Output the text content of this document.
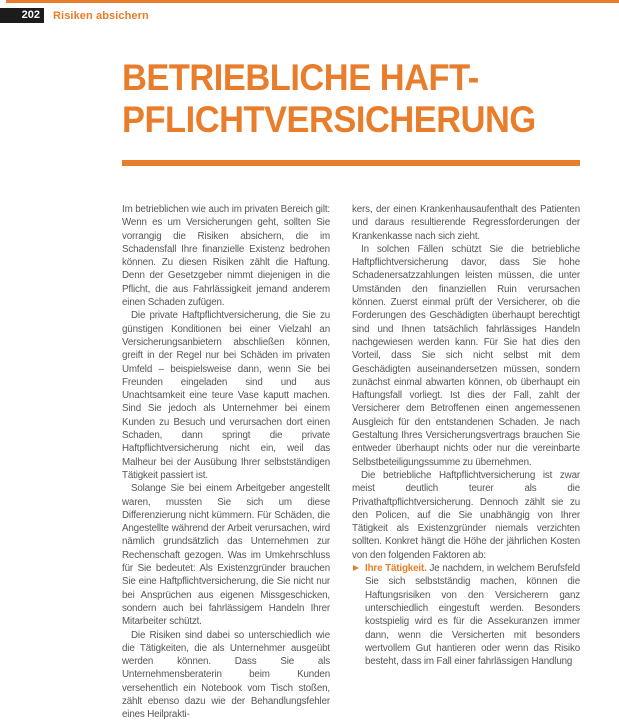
202	Risiken absichern
BETRIEBLICHE HAFT-
PFLICHTVERSICHERUNG

Im betrieblichen wie auch im privaten Bereich gilt: Wenn es um Versicherungen geht, sollten Sie vorrangig die Risiken absichern, die im Schadensfall Ihre finanzielle Existenz bedrohen können. Zu diesen Risiken zählt die Haftung. Denn der Gesetzgeber nimmt diejenigen in die Pflicht, die aus Fahrlässigkeit jemand anderem einen Schaden zufügen.

Die private Haftpflichtversicherung, die Sie zu günstigen Konditionen bei einer Vielzahl an Versicherungsanbietern abschließen können, greift in der Regel nur bei Schäden im privaten Umfeld – beispielsweise dann, wenn Sie bei Freunden eingeladen sind und aus Unachtsamkeit eine teure Vase kaputt machen. Sind Sie jedoch als Unternehmer bei einem Kunden zu Besuch und verursachen dort einen Schaden, dann springt die private Haftpflichtversicherung nicht ein, weil das Malheur bei der Ausübung Ihrer selbstständigen Tätigkeit passiert ist.

Solange Sie bei einem Arbeitgeber angestellt waren, mussten Sie sich um diese Differenzierung nicht kümmern. Für Schäden, die Angestellte während der Arbeit verursachen, wird nämlich grundsätzlich das Unternehmen zur Rechenschaft gezogen. Was im Umkehrschluss für Sie bedeutet: Als Existenzgründer brauchen Sie eine Haftpflichtversicherung, die Sie nicht nur bei Ansprüchen aus eigenen Missgeschicken, sondern auch bei fahrlässigem Handeln Ihrer Mitarbeiter schützt.

Die Risiken sind dabei so unterschiedlich wie die Tätigkeiten, die als Unternehmer ausgeübt werden können. Dass Sie als Unternehmensberaterin beim Kunden versehentlich ein Notebook vom Tisch stoßen, zählt ebenso dazu wie der Behandlungsfehler eines Heilprakti-

kers, der einen Krankenhausaufenthalt des Patienten und daraus resultierende Regressforderungen der Krankenkasse nach sich zieht.

In solchen Fällen schützt Sie die betriebliche Haftpflichtversicherung davor, dass Sie hohe Schadenersatzzahlungen leisten müssen, die unter Umständen den finanziellen Ruin verursachen können. Zuerst einmal prüft der Versicherer, ob die Forderungen des Geschädigten überhaupt berechtigt sind und Ihnen tatsächlich fahrlässiges Handeln nachgewiesen werden kann. Für Sie hat dies den Vorteil, dass Sie sich nicht selbst mit dem Geschädigten auseinandersetzen müssen, sondern zunächst einmal abwarten können, ob überhaupt ein Haftungsfall vorliegt. Ist dies der Fall, zahlt der Versicherer dem Betroffenen einen angemessenen Ausgleich für den entstandenen Schaden. Je nach Gestaltung Ihres Versicherungsvertrags brauchen Sie entweder überhaupt nichts oder nur die vereinbarte Selbstbeteiligungssumme zu übernehmen.

Die betriebliche Haftpflichtversicherung ist zwar meist deutlich teurer als die Privathaftpflichtversicherung. Dennoch zählt sie zu den Policen, auf die Sie unabhängig von Ihrer Tätigkeit als Existenzgründer niemals verzichten sollten. Konkret hängt die Höhe der jährlichen Kosten von den folgenden Faktoren ab:

Ihre Tätigkeit. Je nachdem, in welchem Berufsfeld Sie sich selbstständig machen, können die Haftungsrisiken von den Versicherern ganz unterschiedlich eingestuft werden. Besonders kostspielig wird es für die Assekuranzen immer dann, wenn die Versicherten mit besonders wertvollem Gut hantieren oder wenn das Risiko besteht, dass im Fall einer fahrlässigen Handlung
